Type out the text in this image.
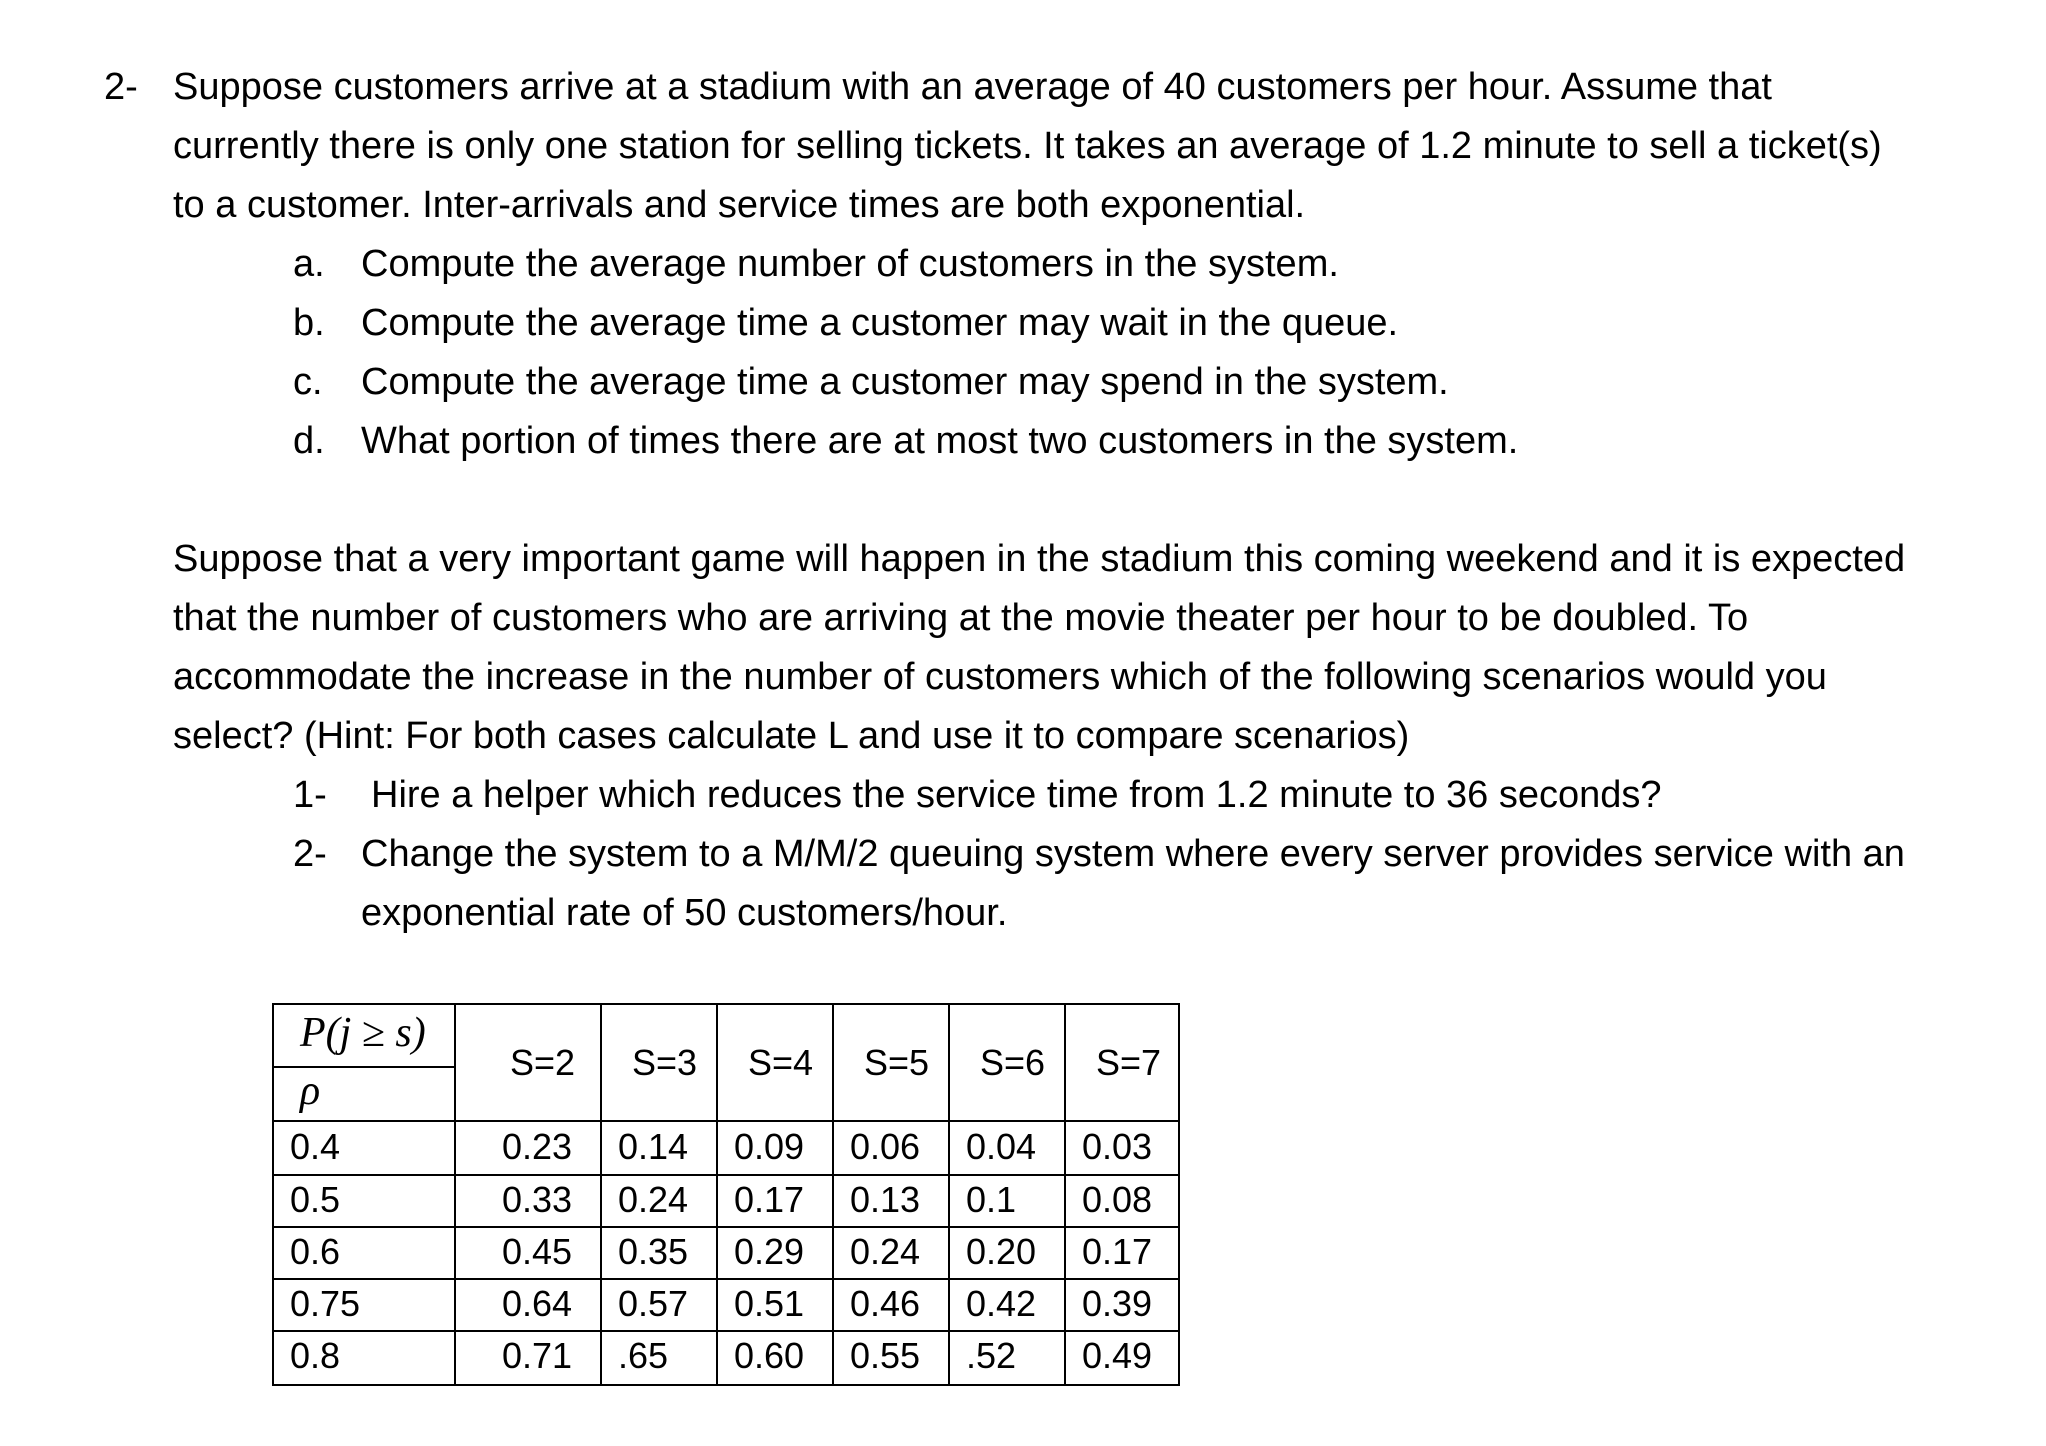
2- Suppose customers arrive at a stadium with an average of 40 customers per hour. Assume that
currently there is only one station for selling tickets. It takes an average of 1.2 minute to sell a ticket(s)
to a customer. Inter-arrivals and service times are both exponential.
a. Compute the average number of customers in the system.
b. Compute the average time a customer may wait in the queue.
c. Compute the average time a customer may spend in the system.
d. What portion of times there are at most two customers in the system.
Suppose that a very important game will happen in the stadium this coming weekend and it is expected
that the number of customers who are arriving at the movie theater per hour to be doubled. To
accommodate the increase in the number of customers which of the following scenarios would you
select? (Hint: For both cases calculate L and use it to compare scenarios)
1- Hire a helper which reduces the service time from 1.2 minute to 36 seconds?
2- Change the system to a M/M/2 queuing system where every server provides service with an
exponential rate of 50 customers/hour.
P(j ≥ s)
ρ
S=2 S=3 S=4 S=5 S=6 S=7
0.4	0.23 0.14 0.09 0.06 0.04 0.03
0.5	0.33 0.24 0.17 0.13 0.1 0.08
0.6	0.45 0.35 0.29 0.24 0.20 0.17
0.75	0.64 0.57 0.51 0.46 0.42 0.39
0.8	0.71 .65 0.60 0.55 .52 0.49
